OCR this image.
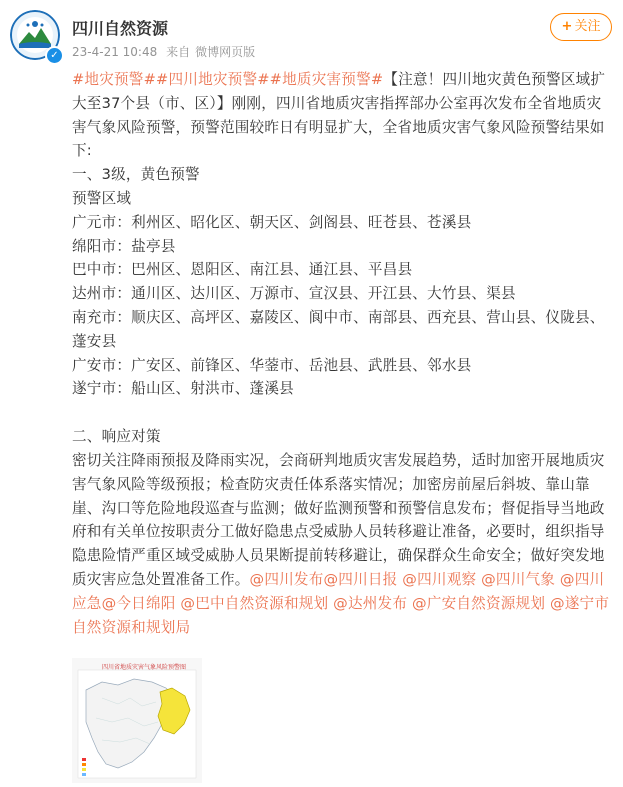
✓
四川自然资源
23-4-21 10:48 来自 微博网页版
+ 关注

#地灾预警##四川地灾预警##地质灾害预警#【注意！四川地灾黄色预警区域扩大至37个县（市、区）】刚刚，四川省地质灾害指挥部办公室再次发布全省地质灾害气象风险预警，预警范围较昨日有明显扩大，全省地质灾害气象风险预警结果如下:

一、3级，黄色预警

预警区域

广元市：利州区、昭化区、朝天区、剑阁县、旺苍县、苍溪县

绵阳市：盐亭县

巴中市：巴州区、恩阳区、南江县、通江县、平昌县

达州市：通川区、达川区、万源市、宣汉县、开江县、大竹县、渠县

南充市：顺庆区、高坪区、嘉陵区、阆中市、南部县、西充县、营山县、仪陇县、蓬安县

广安市：广安区、前锋区、华蓥市、岳池县、武胜县、邻水县

遂宁市：船山区、射洪市、蓬溪县

二、响应对策

密切关注降雨预报及降雨实况，会商研判地质灾害发展趋势，适时加密开展地质灾害气象风险等级预报；检查防灾责任体系落实情况；加密房前屋后斜坡、靠山靠崖、沟口等危险地段巡查与监测；做好监测预警和预警信息发布；督促指导当地政府和有关单位按职责分工做好隐患点受威胁人员转移避让准备，必要时，组织指导隐患险情严重区域受威胁人员果断提前转移避让，确保群众生命安全；做好突发地质灾害应急处置准备工作。@四川发布@四川日报 @四川观察 @四川气象 @四川应急@今日绵阳 @巴中自然资源和规划 @达州发布 @广安自然资源规划 @遂宁市自然资源和规划局

四川省地质灾害气象风险预警图
